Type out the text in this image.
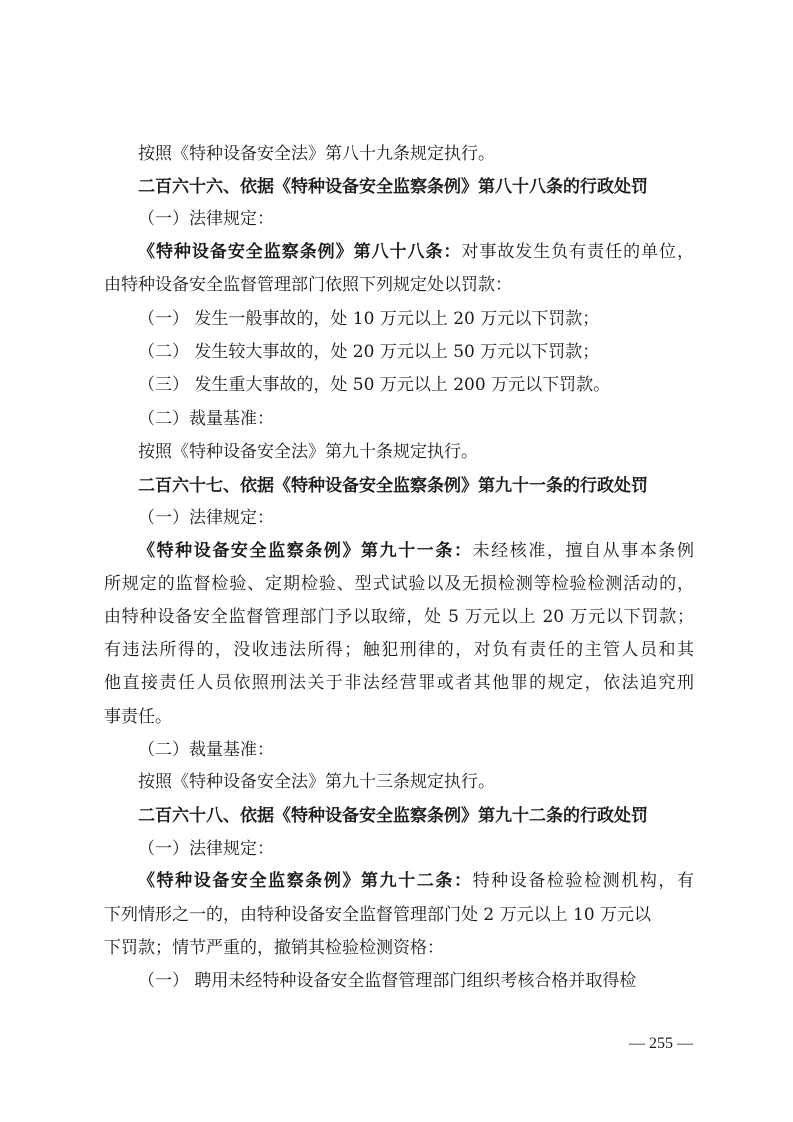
按照《特种设备安全法》第八十九条规定执行。
二百六十六、依据《特种设备安全监察条例》第八十八条的行政处罚
（一）法律规定：
《特种设备安全监察条例》第八十八条：对事故发生负有责任的单位，
由特种设备安全监督管理部门依照下列规定处以罚款：
（一） 发生一般事故的，处 10 万元以上 20 万元以下罚款；
（二） 发生较大事故的，处 20 万元以上 50 万元以下罚款；
（三） 发生重大事故的，处 50 万元以上 200 万元以下罚款。
（二）裁量基准：
按照《特种设备安全法》第九十条规定执行。
二百六十七、依据《特种设备安全监察条例》第九十一条的行政处罚
（一）法律规定：
《特种设备安全监察条例》第九十一条：未经核准，擅自从事本条例
所规定的监督检验、定期检验、型式试验以及无损检测等检验检测活动的，
由特种设备安全监督管理部门予以取缔，处 5 万元以上 20 万元以下罚款；
有违法所得的，没收违法所得；触犯刑律的，对负有责任的主管人员和其
他直接责任人员依照刑法关于非法经营罪或者其他罪的规定，依法追究刑
事责任。
（二）裁量基准：
按照《特种设备安全法》第九十三条规定执行。
二百六十八、依据《特种设备安全监察条例》第九十二条的行政处罚
（一）法律规定：
《特种设备安全监察条例》第九十二条：特种设备检验检测机构，有
下列情形之一的，由特种设备安全监督管理部门处 2 万元以上 10 万元以
下罚款；情节严重的，撤销其检验检测资格：
（一） 聘用未经特种设备安全监督管理部门组织考核合格并取得检
— 255 —
